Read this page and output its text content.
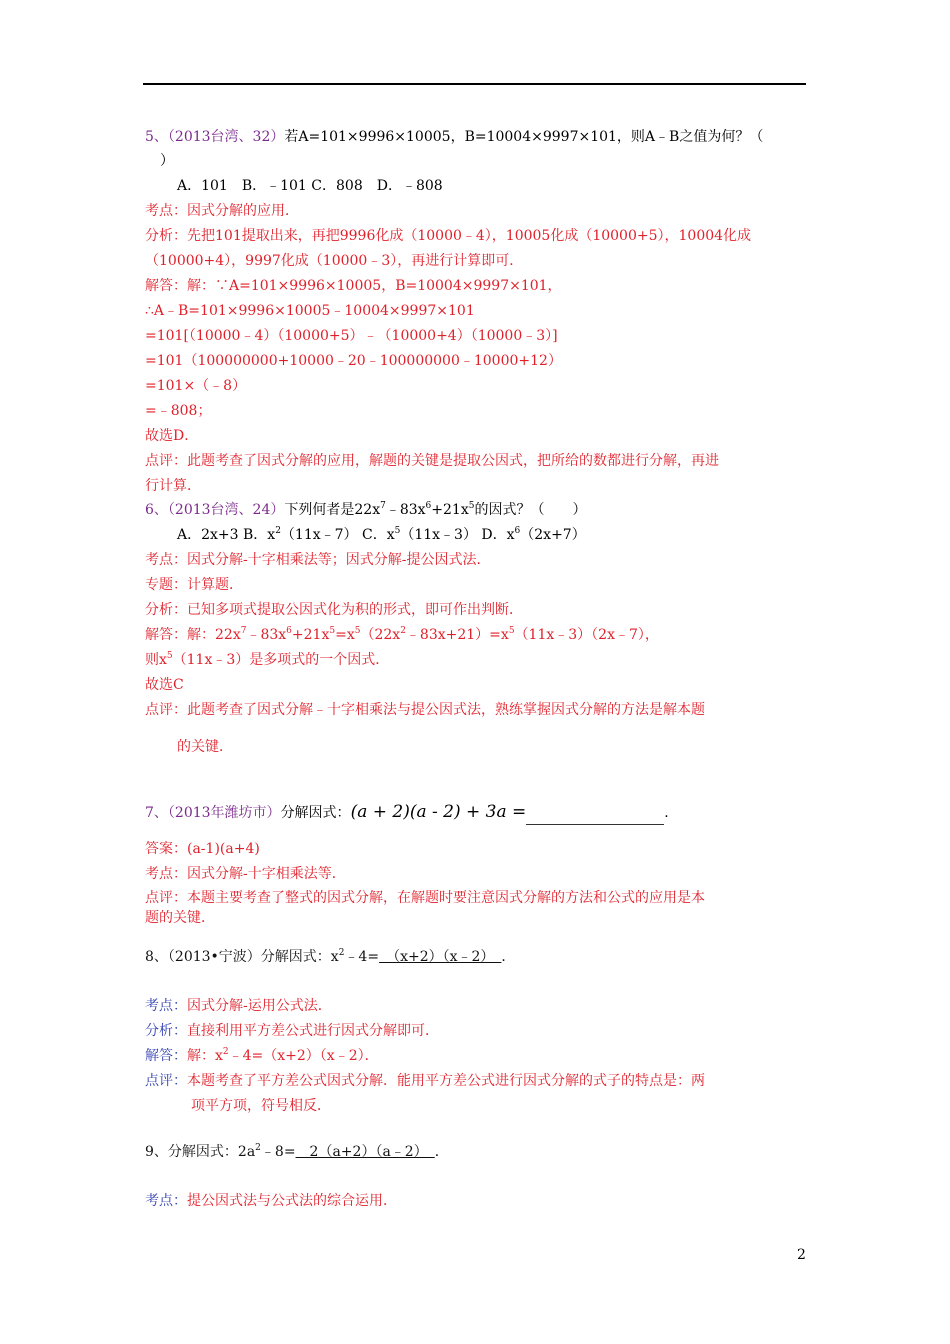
5、（2013台湾、32）若A=101×9996×10005，B=10004×9997×101，则A﹣B之值为何？（
）
A．101　B．﹣101 C．808　D．﹣808
考点：因式分解的应用．
分析：先把101提取出来，再把9996化成（10000﹣4），10005化成（10000+5），10004化成
（10000+4），9997化成（10000﹣3），再进行计算即可．
解答：解：∵A=101×9996×10005，B=10004×9997×101，
∴A﹣B=101×9996×10005﹣10004×9997×101
=101[（10000﹣4）（10000+5）﹣（10000+4）（10000﹣3）]
=101（100000000+10000﹣20﹣100000000﹣10000+12）
=101×（﹣8）
=﹣808；
故选D．
点评：此题考查了因式分解的应用，解题的关键是提取公因式，把所给的数都进行分解，再进
行计算．
6、（2013台湾、24）下列何者是$22x^7﹣83x^6+21x^5$的因式？（　　）
A．2x+3 B．$x^2(11x﹣7)$ C．$x^5(11x﹣3)$ D．$x^6(2x+7)$
考点：因式分解-十字相乘法等；因式分解-提公因式法．
专题：计算题．
分析：已知多项式提取公因式化为积的形式，即可作出判断．
解答：解：$22x^7﹣83x^6+21x^5=x^5(22x^2﹣83x+21)=x^5(11x﹣3)(2x﹣7)$，
则$x^5(11x﹣3)$是多项式的一个因式．
故选C
点评：此题考查了因式分解﹣十字相乘法与提公因式法，熟练掌握因式分解的方法是解本题
的关键．
7、（2013年潍坊市）分解因式：(a + 2)(a - 2) + 3a =	.
答案：(a-1)(a+4)
考点：因式分解-十字相乘法等．
点评：本题主要考查了整式的因式分解，在解题时要注意因式分解的方法和公式的应用是本
题的关键．
8、（2013•宁波）分解因式：$x^2﹣4=$　（x+2）（x﹣2）　．
考点：因式分解-运用公式法．
分析：直接利用平方差公式进行因式分解即可．
解答：解：$x^2﹣4=(x+2)(x﹣2)$．
点评：本题考查了平方差公式因式分解．能用平方差公式进行因式分解的式子的特点是：两
项平方项，符号相反．
9、分解因式：$2a^2﹣8=$　2（a+2）（a﹣2）　．
考点：提公因式法与公式法的综合运用．
2
